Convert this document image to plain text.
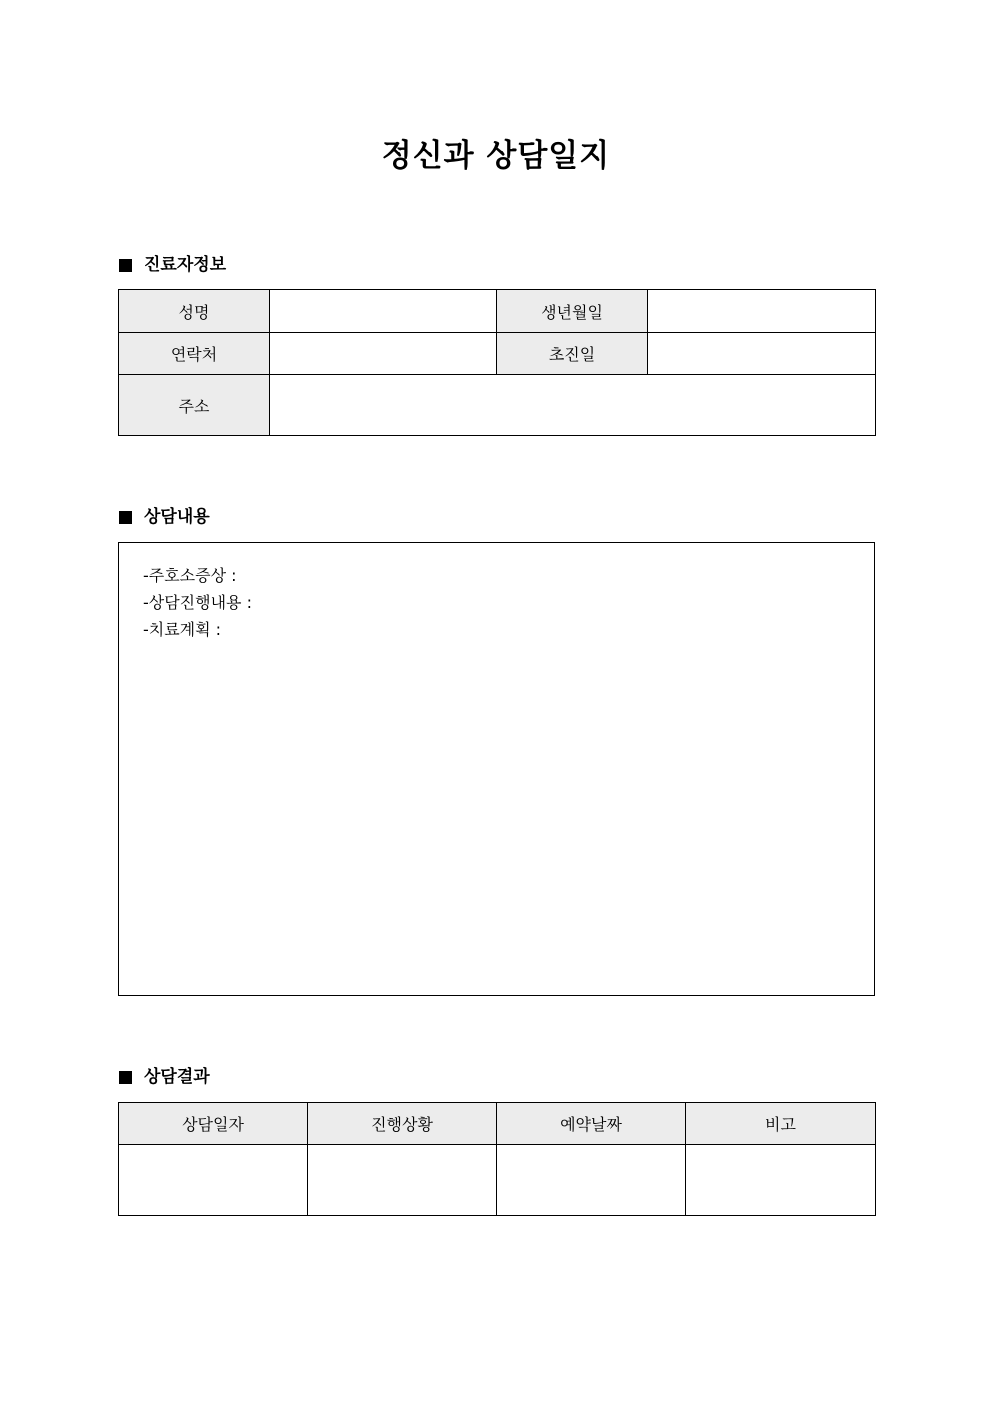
정신과 상담일지
진료자정보
성명		생년월일	
연락처		초진일	
주소			
상담내용
-주호소증상 :
-상담진행내용 :
-치료계획 :
상담결과
상담일자	진행상황	예약날짜	비고
